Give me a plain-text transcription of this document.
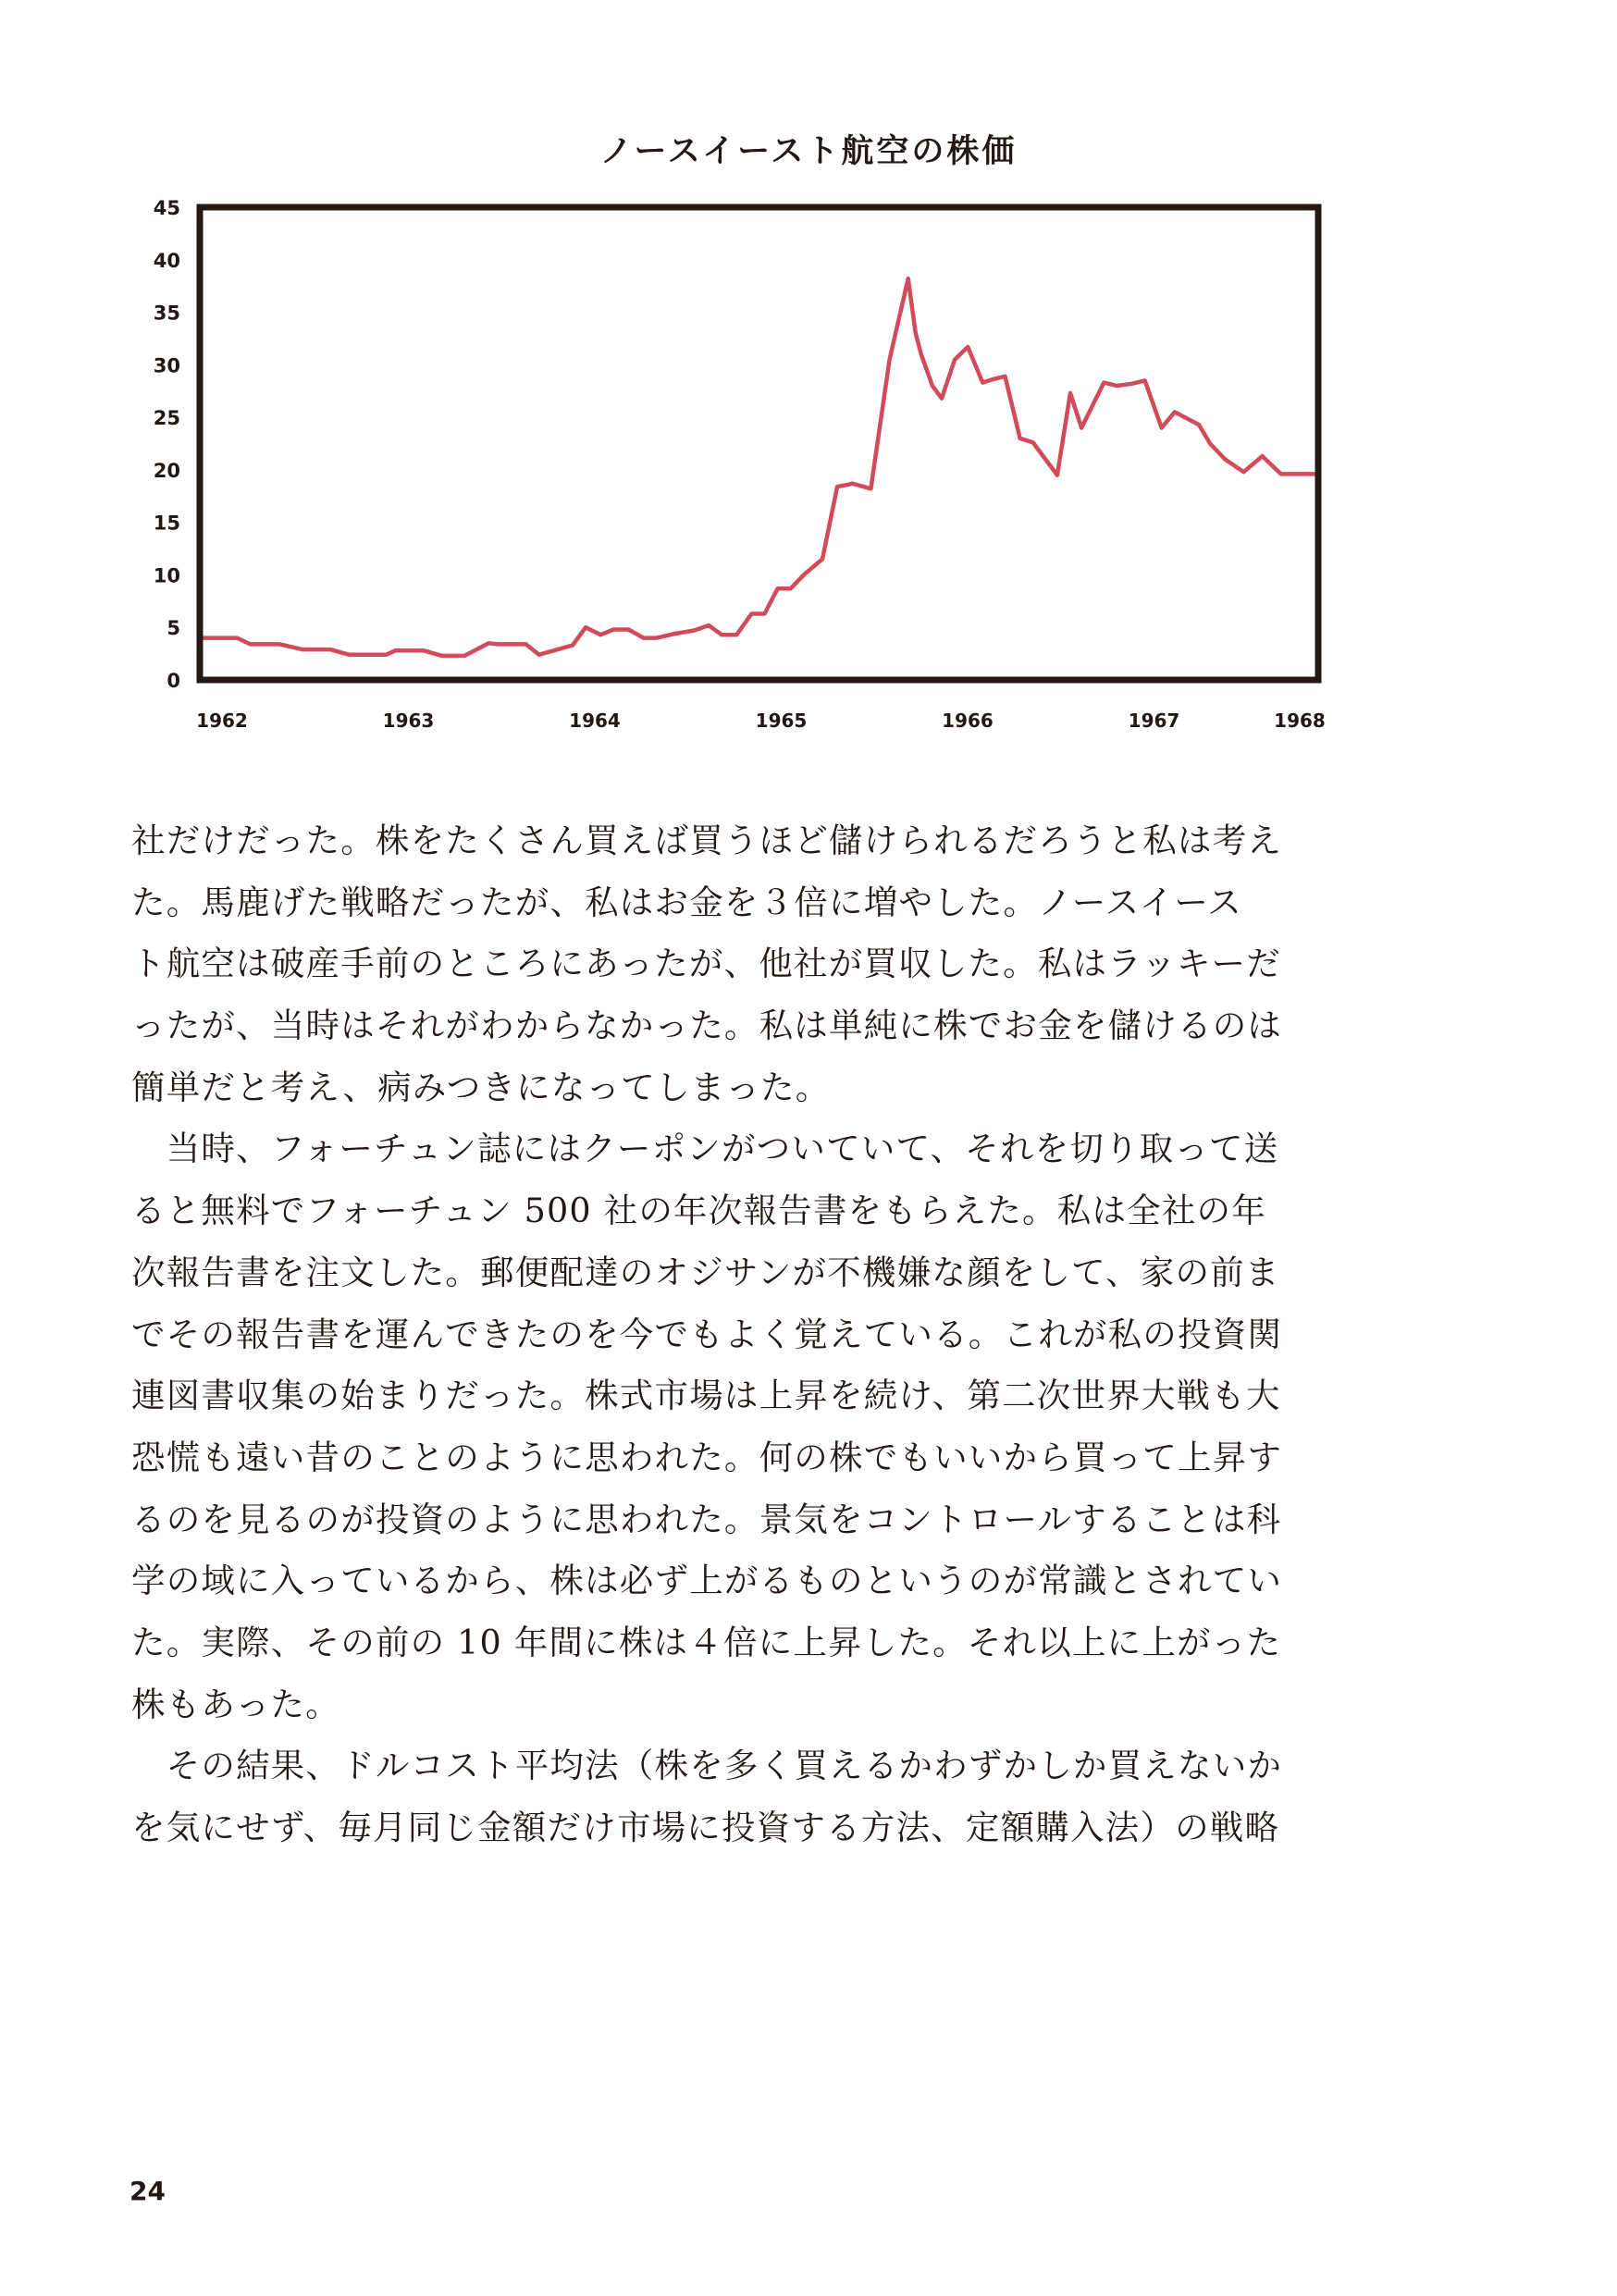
ノースイースト航空の株価
0
5
10
15
20
25
30
35
40
45
1962	1963	1964	1965	1966	1967	1968
社だけだった。株をたくさん買えば買うほど儲けられるだろうと私は考え
た。馬鹿げた戦略だったが、私はお金を３倍に増やした。ノースイース
ト航空は破産手前のところにあったが、他社が買収した。私はラッキーだ
ったが、当時はそれがわからなかった。私は単純に株でお金を儲けるのは
簡単だと考え、病みつきになってしまった。
　当時、フォーチュン誌にはクーポンがついていて、それを切り取って送
ると無料でフォーチュン 500 社の年次報告書をもらえた。私は全社の年
次報告書を注文した。郵便配達のオジサンが不機嫌な顔をして、家の前ま
でその報告書を運んできたのを今でもよく覚えている。これが私の投資関
連図書収集の始まりだった。株式市場は上昇を続け、第二次世界大戦も大
恐慌も遠い昔のことのように思われた。何の株でもいいから買って上昇す
るのを見るのが投資のように思われた。景気をコントロールすることは科
学の域に入っているから、株は必ず上がるものというのが常識とされてい
た。実際、その前の 10 年間に株は４倍に上昇した。それ以上に上がった
株もあった。
　その結果、ドルコスト平均法（株を多く買えるかわずかしか買えないか
を気にせず、毎月同じ金額だけ市場に投資する方法、定額購入法）の戦略
24
